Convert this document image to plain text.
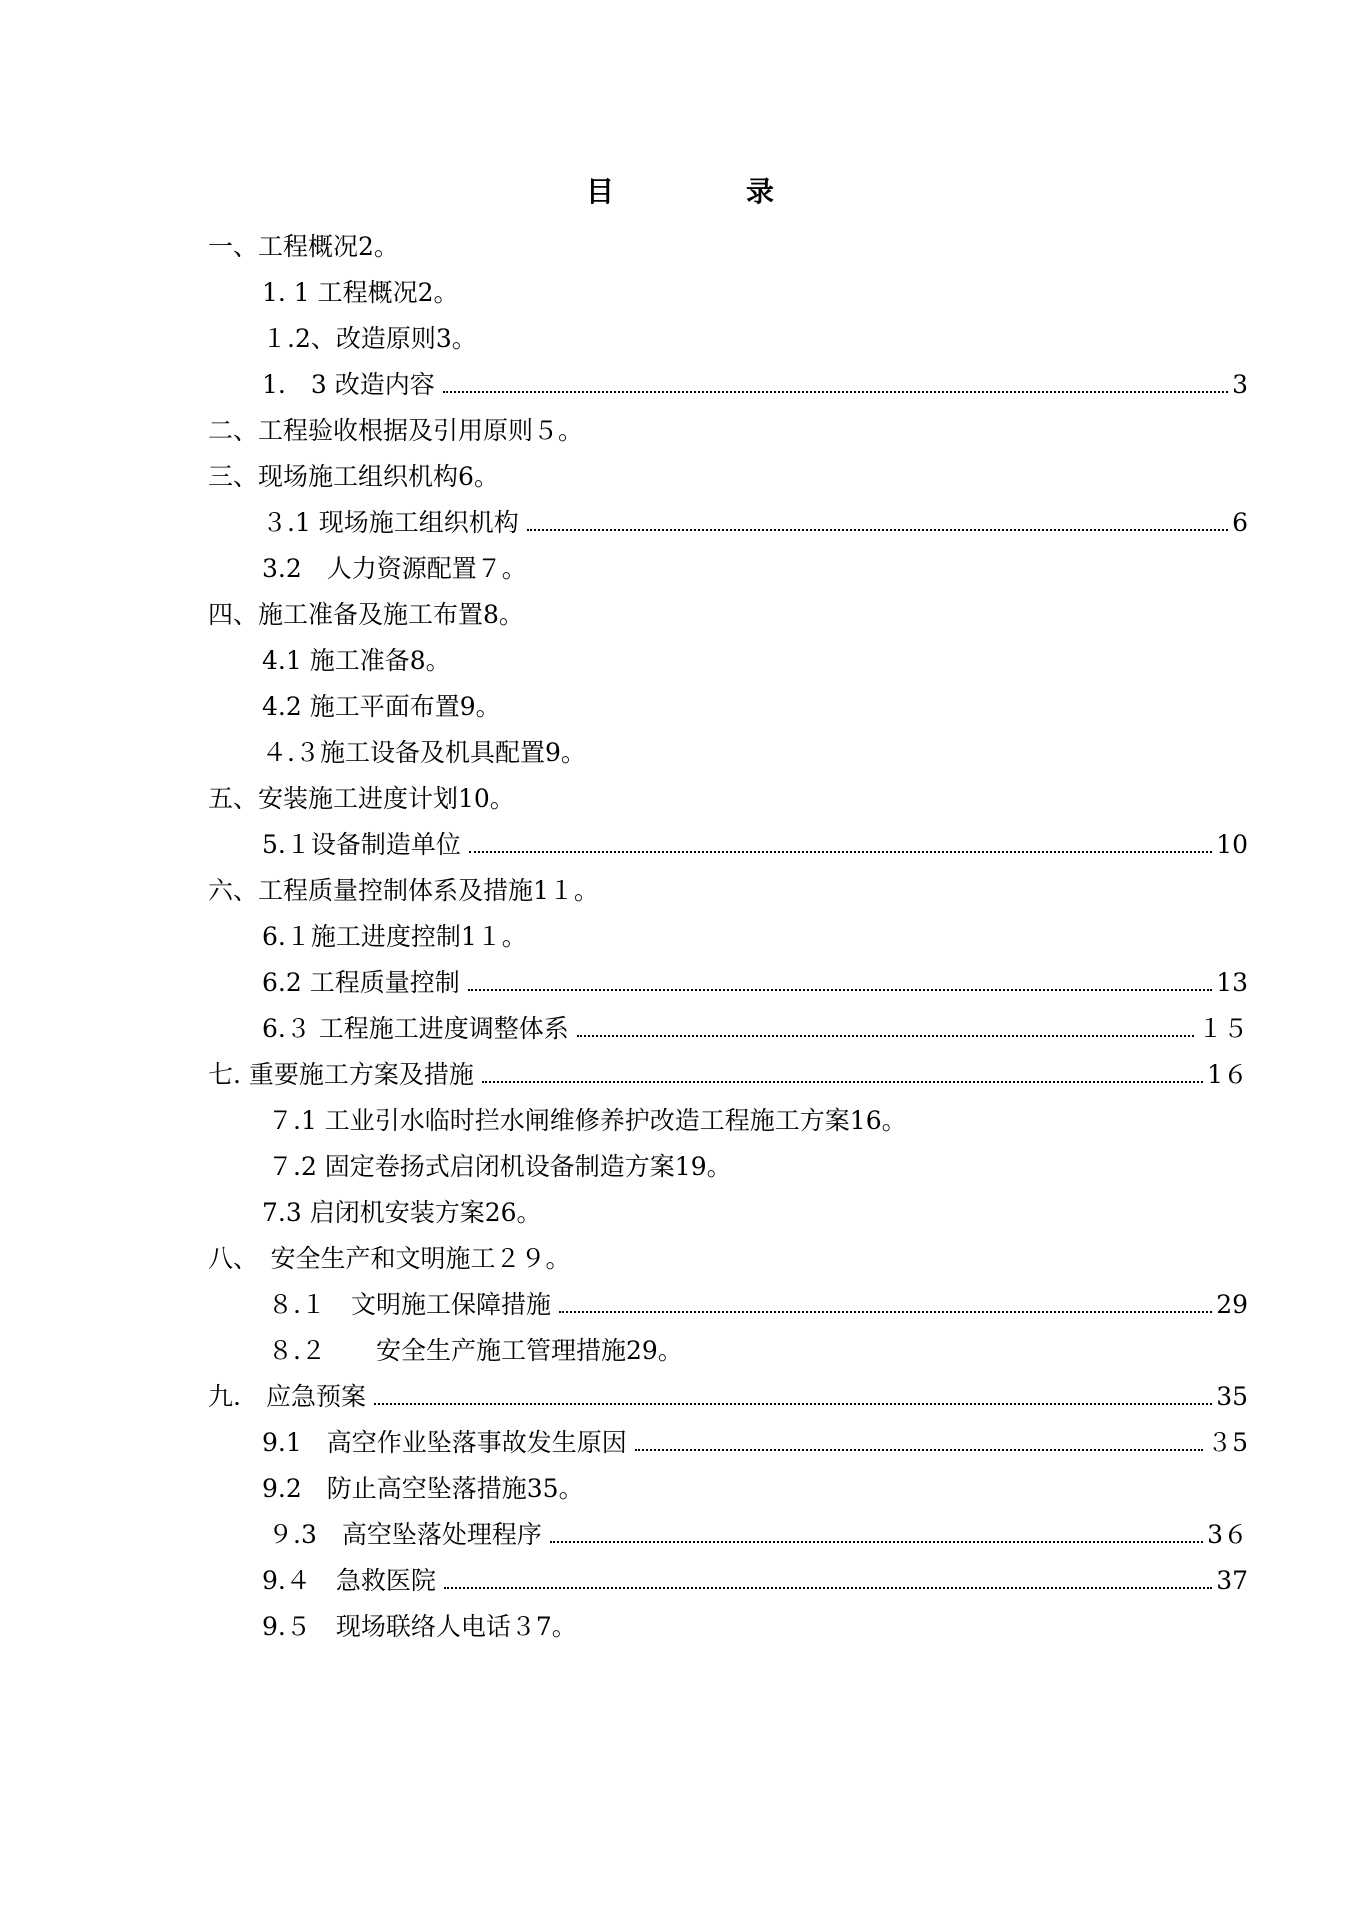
目　录
一、工程概况2。
1. 1 工程概况2。
１.2、改造原则3。
1.　3 改造内容	3
二、工程验收根据及引用原则５。
三、现场施工组织机构6。
３.1 现场施工组织机构	6
3.2　人力资源配置７。
四、施工准备及施工布置8。
4.1 施工准备8。
4.2 施工平面布置9。
４.３施工设备及机具配置9。
五、安装施工进度计划10。
5.１设备制造单位	10
六、工程质量控制体系及措施1１。
6.１施工进度控制1１。
6.2 工程质量控制	13
6.３ 工程施工进度调整体系	１５
七. 重要施工方案及措施	1６
７.1 工业引水临时拦水闸维修养护改造工程施工方案16。
７.2 固定卷扬式启闭机设备制造方案19。
7.3 启闭机安装方案26。
八、　安全生产和文明施工２９。
８.１　文明施工保障措施	29
８.２　　安全生产施工管理措施29。
九.　应急预案	35
9.1　高空作业坠落事故发生原因	３5
9.2　防止高空坠落措施35。
９.3　高空坠落处理程序	3６
9.４　急救医院	37
9.５　现场联络人电话３7。
